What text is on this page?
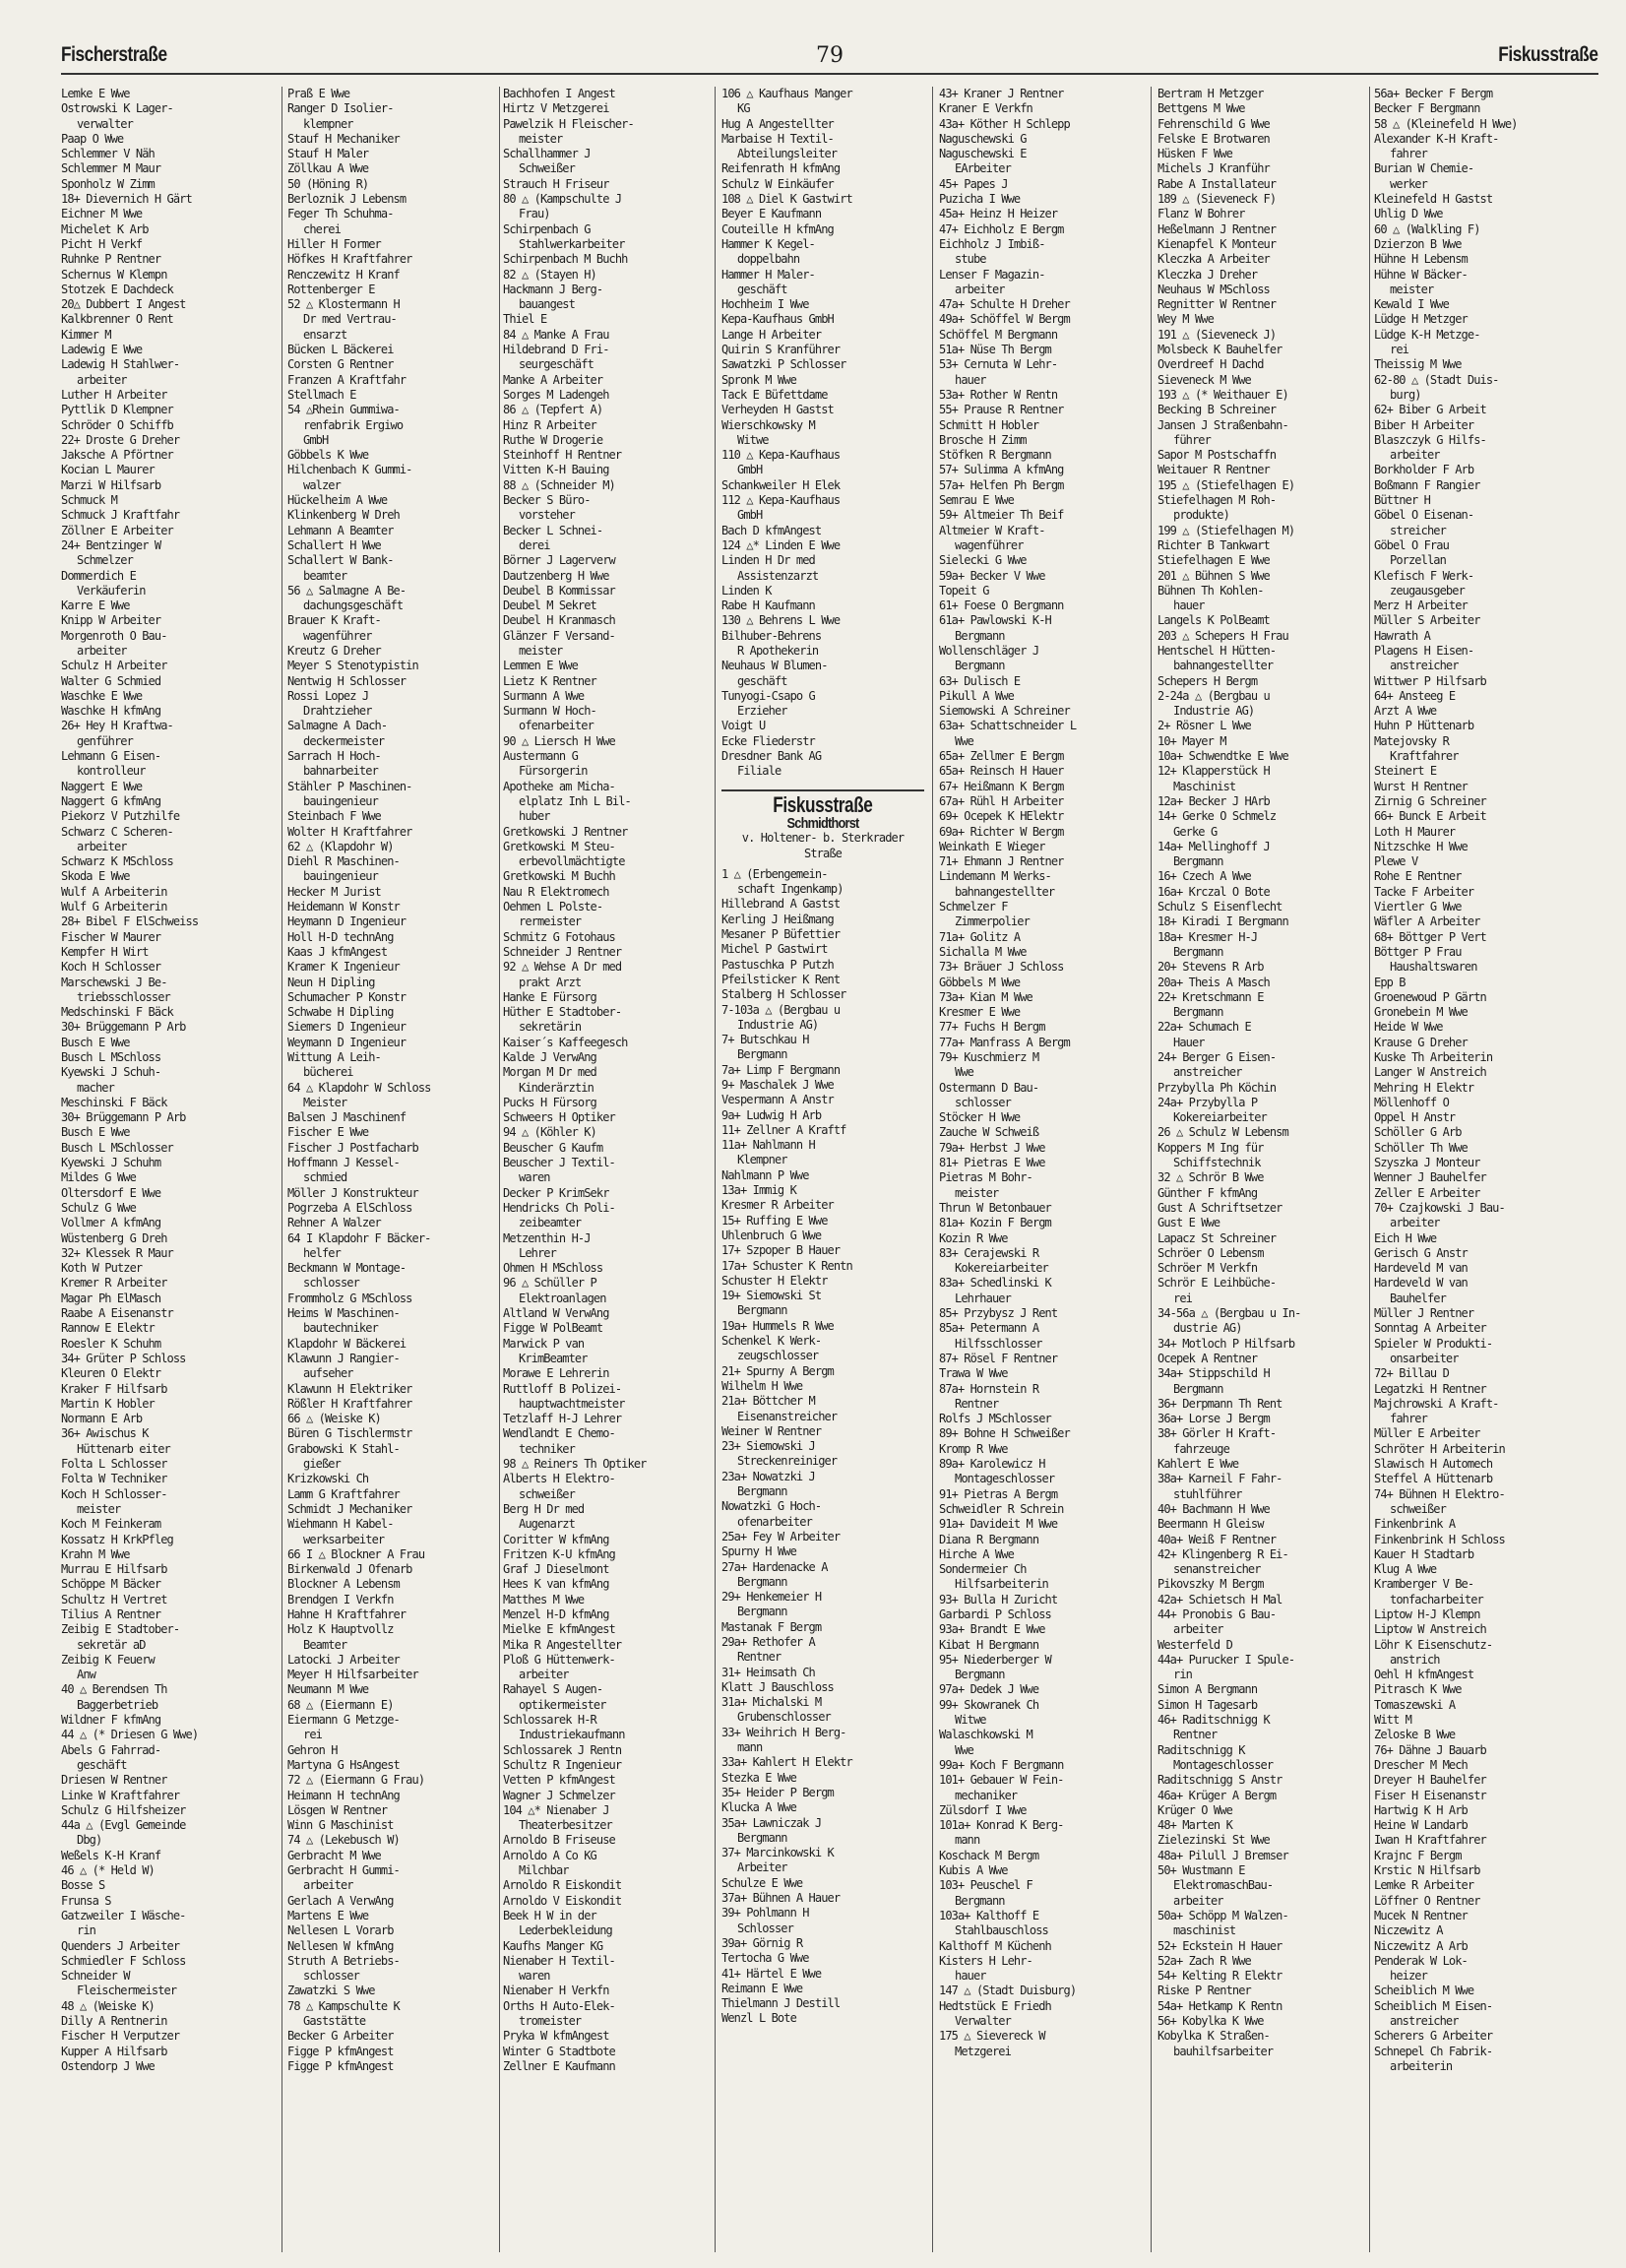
Fischerstraße	79	Fiskusstraße
Lemke E Wwe
Ostrowski K Lager-
verwalter
Paap O Wwe
Schlemmer V Näh
Schlemmer M Maur
Sponholz W Zimm
18+ Dievernich H Gärt
Eichner M Wwe
Michelet K Arb
Picht H Verkf
Ruhnke P Rentner
Schernus W Klempn
Stotzek E Dachdeck
20△ Dubbert I Angest
Kalkbrenner O Rent
Kimmer M
Ladewig E Wwe
Ladewig H Stahlwer-
arbeiter
Luther H Arbeiter
Pyttlik D Klempner
Schröder O Schiffb
22+ Droste G Dreher
Jaksche A Pförtner
Kocian L Maurer
Marzi W Hilfsarb
Schmuck M
Schmuck J Kraftfahr
Zöllner E Arbeiter
24+ Bentzinger W
Schmelzer
Dommerdich E
Verkäuferin
Karre E Wwe
Knipp W Arbeiter
Morgenroth O Bau-
arbeiter
Schulz H Arbeiter
Walter G Schmied
Waschke E Wwe
Waschke H kfmAng
26+ Hey H Kraftwa-
genführer
Lehmann G Eisen-
kontrolleur
Naggert E Wwe
Naggert G kfmAng
Piekorz V Putzhilfe
Schwarz C Scheren-
arbeiter
Schwarz K MSchloss
Skoda E Wwe
Wulf A Arbeiterin
Wulf G Arbeiterin
28+ Bibel F ElSchweiss
Fischer W Maurer
Kempfer H Wirt
Koch H Schlosser
Marschewski J Be-
triebsschlosser
Medschinski F Bäck
30+ Brüggemann P Arb
Busch E Wwe
Busch L MSchloss
Kyewski J Schuh-
macher
Meschinski F Bäck
30+ Brüggemann P Arb
Busch E Wwe
Busch L MSchlosser
Kyewski J Schuhm
Mildes G Wwe
Oltersdorf E Wwe
Schulz G Wwe
Vollmer A kfmAng
Wüstenberg G Dreh
32+ Klessek R Maur
Koth W Putzer
Kremer R Arbeiter
Magar Ph ElMasch
Raabe A Eisenanstr
Rannow E Elektr
Roesler K Schuhm
34+ Grüter P Schloss
Kleuren O Elektr
Kraker F Hilfsarb
Martin K Hobler
Normann E Arb
36+ Awischus K
Hüttenarb eiter
Folta L Schlosser
Folta W Techniker
Koch H Schlosser-
meister
Koch M Feinkeram
Kossatz H KrkPfleg
Krahn M Wwe
Murrau E Hilfsarb
Schöppe M Bäcker
Schultz H Vertret
Tilius A Rentner
Zeibig E Stadtober-
sekretär aD
Zeibig K Feuerw
Anw
40 △ Berendsen Th
Baggerbetrieb
Wildner F kfmAng
44 △ (* Driesen G Wwe)
Abels G Fahrrad-
geschäft
Driesen W Rentner
Linke W Kraftfahrer
Schulz G Hilfsheizer
44a △ (Evgl Gemeinde
Dbg)
Weßels K-H Kranf
46 △ (* Held W)
Bosse S
Frunsa S
Gatzweiler I Wäsche-
rin
Quenders J Arbeiter
Schmiedler F Schloss
Schneider W
Fleischermeister
48 △ (Weiske K)
Dilly A Rentnerin
Fischer H Verputzer
Kupper A Hilfsarb
Ostendorp J Wwe
Praß E Wwe
Ranger D Isolier-
klempner
Stauf H Mechaniker
Stauf H Maler
Zöllkau A Wwe
50 (Höning R)
Berloznik J Lebensm
Feger Th Schuhma-
cherei
Hiller H Former
Höfkes H Kraftfahrer
Renczewitz H Kranf
Rottenberger E
52 △ Klostermann H
Dr med Vertrau-
ensarzt
Bücken L Bäckerei
Corsten G Rentner
Franzen A Kraftfahr
Stellmach E
54 △Rhein Gummiwa-
renfabrik Ergiwo
GmbH
Göbbels K Wwe
Hilchenbach K Gummi-
walzer
Hückelheim A Wwe
Klinkenberg W Dreh
Lehmann A Beamter
Schallert H Wwe
Schallert W Bank-
beamter
56 △ Salmagne A Be-
dachungsgeschäft
Brauer K Kraft-
wagenführer
Kreutz G Dreher
Meyer S Stenotypistin
Nentwig H Schlosser
Rossi Lopez J
Drahtzieher
Salmagne A Dach-
deckermeister
Sarrach H Hoch-
bahnarbeiter
Stähler P Maschinen-
bauingenieur
Steinbach F Wwe
Wolter H Kraftfahrer
62 △ (Klapdohr W)
Diehl R Maschinen-
bauingenieur
Hecker M Jurist
Heidemann W Konstr
Heymann D Ingenieur
Holl H-D technAng
Kaas J kfmAngest
Kramer K Ingenieur
Neun H Dipling
Schumacher P Konstr
Schwabe H Dipling
Siemers D Ingenieur
Weymann D Ingenieur
Wittung A Leih-
bücherei
64 △ Klapdohr W Schloss
Meister
Balsen J Maschinenf
Fischer E Wwe
Fischer J Postfacharb
Hoffmann J Kessel-
schmied
Möller J Konstrukteur
Pogrzeba A ElSchloss
Rehner A Walzer
64 I Klapdohr F Bäcker-
helfer
Beckmann W Montage-
schlosser
Frommholz G MSchloss
Heims W Maschinen-
bautechniker
Klapdohr W Bäckerei
Klawunn J Rangier-
aufseher
Klawunn H Elektriker
Rößler H Kraftfahrer
66 △ (Weiske K)
Büren G Tischlermstr
Grabowski K Stahl-
gießer
Krizkowski Ch
Lamm G Kraftfahrer
Schmidt J Mechaniker
Wiehmann H Kabel-
werksarbeiter
66 I △ Blockner A Frau
Birkenwald J Ofenarb
Blockner A Lebensm
Brendgen I Verkfn
Hahne H Kraftfahrer
Holz K Hauptvollz
Beamter
Latocki J Arbeiter
Meyer H Hilfsarbeiter
Neumann M Wwe
68 △ (Eiermann E)
Eiermann G Metzge-
rei
Gehron H
Martyna G HsAngest
72 △ (Eiermann G Frau)
Heimann H technAng
Lösgen W Rentner
Winn G Maschinist
74 △ (Lekebusch W)
Gerbracht M Wwe
Gerbracht H Gummi-
arbeiter
Gerlach A VerwAng
Martens E Wwe
Nellesen L Vorarb
Nellesen W kfmAng
Struth A Betriebs-
schlosser
Zawatzki S Wwe
78 △ Kampschulte K
Gaststätte
Becker G Arbeiter
Figge P kfmAngest
Figge P kfmAngest
Bachhofen I Angest
Hirtz V Metzgerei
Pawelzik H Fleischer-
meister
Schallhammer J
Schweißer
Strauch H Friseur
80 △ (Kampschulte J
Frau)
Schirpenbach G
Stahlwerkarbeiter
Schirpenbach M Buchh
82 △ (Stayen H)
Hackmann J Berg-
bauangest
Thiel E
84 △ Manke A Frau
Hildebrand D Fri-
seurgeschäft
Manke A Arbeiter
Sorges M Ladengeh
86 △ (Tepfert A)
Hinz R Arbeiter
Ruthe W Drogerie
Steinhoff H Rentner
Vitten K-H Bauing
88 △ (Schneider M)
Becker S Büro-
vorsteher
Becker L Schnei-
derei
Börner J Lagerverw
Dautzenberg H Wwe
Deubel B Kommissar
Deubel M Sekret
Deubel H Kranmasch
Glänzer F Versand-
meister
Lemmen E Wwe
Lietz K Rentner
Surmann A Wwe
Surmann W Hoch-
ofenarbeiter
90 △ Liersch H Wwe
Austermann G
Fürsorgerin
Apotheke am Micha-
elplatz Inh L Bil-
huber
Gretkowski J Rentner
Gretkowski M Steu-
erbevollmächtigte
Gretkowski M Buchh
Nau R Elektromech
Oehmen L Polste-
rermeister
Schmitz G Fotohaus
Schneider J Rentner
92 △ Wehse A Dr med
prakt Arzt
Hanke E Fürsorg
Hüther E Stadtober-
sekretärin
Kaiser´s Kaffeegesch
Kalde J VerwAng
Morgan M Dr med
Kinderärztin
Pucks H Fürsorg
Schweers H Optiker
94 △ (Köhler K)
Beuscher G Kaufm
Beuscher J Textil-
waren
Decker P KrimSekr
Hendricks Ch Poli-
zeibeamter
Metzenthin H-J
Lehrer
Ohmen H MSchloss
96 △ Schüller P
Elektroanlagen
Altland W VerwAng
Figge W PolBeamt
Marwick P van
KrimBeamter
Morawe E Lehrerin
Ruttloff B Polizei-
hauptwachtmeister
Tetzlaff H-J Lehrer
Wendlandt E Chemo-
techniker
98 △ Reiners Th Optiker
Alberts H Elektro-
schweißer
Berg H Dr med
Augenarzt
Coritter W kfmAng
Fritzen K-U kfmAng
Graf J Dieselmont
Hees K van kfmAng
Matthes M Wwe
Menzel H-D kfmAng
Mielke E kfmAngest
Mika R Angestellter
Ploß G Hüttenwerk-
arbeiter
Rahayel S Augen-
optikermeister
Schlossarek H-R
Industriekaufmann
Schlossarek J Rentn
Schultz R Ingenieur
Vetten P kfmAngest
Wagner J Schmelzer
104 △* Nienaber J
Theaterbesitzer
Arnoldo B Friseuse
Arnoldo A Co KG
Milchbar
Arnoldo R Eiskondit
Arnoldo V Eiskondit
Beek H W in der
Lederbekleidung
Kaufhs Manger KG
Nienaber H Textil-
waren
Nienaber H Verkfn
Orths H Auto-Elek-
tromeister
Pryka W kfmAngest
Winter G Stadtbote
Zellner E Kaufmann
106 △ Kaufhaus Manger
KG
Hug A Angestellter
Marbaise H Textil-
Abteilungsleiter
Reifenrath H kfmAng
Schulz W Einkäufer
108 △ Diel K Gastwirt
Beyer E Kaufmann
Couteille H kfmAng
Hammer K Kegel-
doppelbahn
Hammer H Maler-
geschäft
Hochheim I Wwe
Kepa-Kaufhaus GmbH
Lange H Arbeiter
Quirin S Kranführer
Sawatzki P Schlosser
Spronk M Wwe
Tack E Büfettdame
Verheyden H Gastst
Wierschkowsky M
Witwe
110 △ Kepa-Kaufhaus
GmbH
Schankweiler H Elek
112 △ Kepa-Kaufhaus
GmbH
Bach D kfmAngest
124 △* Linden E Wwe
Linden H Dr med
Assistenzarzt
Linden K
Rabe H Kaufmann
130 △ Behrens L Wwe
Bilhuber-Behrens
R Apothekerin
Neuhaus W Blumen-
geschäft
Tunyogi-Csapo G
Erzieher
Voigt U
Ecke Fliederstr
Dresdner Bank AG
Filiale
Fiskusstraße
Schmidthorst
v. Holtener- b. Sterkrader
Straße
1 △ (Erbengemein-
schaft Ingenkamp)
Hillebrand A Gastst
Kerling J Heißmang
Mesaner P Büfettier
Michel P Gastwirt
Pastuschka P Putzh
Pfeilsticker K Rent
Stalberg H Schlosser
7-103a △ (Bergbau u
Industrie AG)
7+ Butschkau H
Bergmann
7a+ Limp F Bergmann
9+ Maschalek J Wwe
Vespermann A Anstr
9a+ Ludwig H Arb
11+ Zellner A Kraftf
11a+ Nahlmann H
Klempner
Nahlmann P Wwe
13a+ Immig K
Kresmer R Arbeiter
15+ Ruffing E Wwe
Uhlenbruch G Wwe
17+ Szpoper B Hauer
17a+ Schuster K Rentn
Schuster H Elektr
19+ Siemowski St
Bergmann
19a+ Hummels R Wwe
Schenkel K Werk-
zeugschlosser
21+ Spurny A Bergm
Wilhelm H Wwe
21a+ Böttcher M
Eisenanstreicher
Weiner W Rentner
23+ Siemowski J
Streckenreiniger
23a+ Nowatzki J
Bergmann
Nowatzki G Hoch-
ofenarbeiter
25a+ Fey W Arbeiter
Spurny H Wwe
27a+ Hardenacke A
Bergmann
29+ Henkemeier H
Bergmann
Mastanak F Bergm
29a+ Rethofer A
Rentner
31+ Heimsath Ch
Klatt J Bauschloss
31a+ Michalski M
Grubenschlosser
33+ Weihrich H Berg-
mann
33a+ Kahlert H Elektr
Stezka E Wwe
35+ Heider P Bergm
Klucka A Wwe
35a+ Lawniczak J
Bergmann
37+ Marcinkowski K
Arbeiter
Schulze E Wwe
37a+ Bühnen A Hauer
39+ Pohlmann H
Schlosser
39a+ Görnig R
Tertocha G Wwe
41+ Härtel E Wwe
Reimann E Wwe
Thielmann J Destill
Wenzl L Bote
43+ Kraner J Rentner
Kraner E Verkfn
43a+ Köther H Schlepp
Naguschewski G
Naguschewski E
EArbeiter
45+ Papes J
Puzicha I Wwe
45a+ Heinz H Heizer
47+ Eichholz E Bergm
Eichholz J Imbiß-
stube
Lenser F Magazin-
arbeiter
47a+ Schulte H Dreher
49a+ Schöffel W Bergm
Schöffel M Bergmann
51a+ Nüse Th Bergm
53+ Cernuta W Lehr-
hauer
53a+ Rother W Rentn
55+ Prause R Rentner
Schmitt H Hobler
Brosche H Zimm
Stöfken R Bergmann
57+ Sulimma A kfmAng
57a+ Helfen Ph Bergm
Semrau E Wwe
59+ Altmeier Th Beif
Altmeier W Kraft-
wagenführer
Sielecki G Wwe
59a+ Becker V Wwe
Topeit G
61+ Foese O Bergmann
61a+ Pawlowski K-H
Bergmann
Wollenschläger J
Bergmann
63+ Dulisch E
Pikull A Wwe
Siemowski A Schreiner
63a+ Schattschneider L
Wwe
65a+ Zellmer E Bergm
65a+ Reinsch H Hauer
67+ Heißmann K Bergm
67a+ Rühl H Arbeiter
69+ Ocepek K HElektr
69a+ Richter W Bergm
Weinkath E Wieger
71+ Ehmann J Rentner
Lindemann M Werks-
bahnangestellter
Schmelzer F
Zimmerpolier
71a+ Golitz A
Sichalla M Wwe
73+ Bräuer J Schloss
Göbbels M Wwe
73a+ Kian M Wwe
Kresmer E Wwe
77+ Fuchs H Bergm
77a+ Manfrass A Bergm
79+ Kuschmierz M
Wwe
Ostermann D Bau-
schlosser
Stöcker H Wwe
Zauche W Schweiß
79a+ Herbst J Wwe
81+ Pietras E Wwe
Pietras M Bohr-
meister
Thrun W Betonbauer
81a+ Kozin F Bergm
Kozin R Wwe
83+ Cerajewski R
Kokereiarbeiter
83a+ Schedlinski K
Lehrhauer
85+ Przybysz J Rent
85a+ Petermann A
Hilfsschlosser
87+ Rösel F Rentner
Trawa W Wwe
87a+ Hornstein R
Rentner
Rolfs J MSchlosser
89+ Bohne H Schweißer
Kromp R Wwe
89a+ Karolewicz H
Montageschlosser
91+ Pietras A Bergm
Schweidler R Schrein
91a+ Davideit M Wwe
Diana R Bergmann
Hirche A Wwe
Sondermeier Ch
Hilfsarbeiterin
93+ Bulla H Zuricht
Garbardi P Schloss
93a+ Brandt E Wwe
Kibat H Bergmann
95+ Niederberger W
Bergmann
97a+ Dedek J Wwe
99+ Skowranek Ch
Witwe
Walaschkowski M
Wwe
99a+ Koch F Bergmann
101+ Gebauer W Fein-
mechaniker
Zülsdorf I Wwe
101a+ Konrad K Berg-
mann
Koschack M Bergm
Kubis A Wwe
103+ Peuschel F
Bergmann
103a+ Kalthoff E
Stahlbauschloss
Kalthoff M Küchenh
Kisters H Lehr-
hauer
147 △ (Stadt Duisburg)
Hedtstück E Friedh
Verwalter
175 △ Sievereck W
Metzgerei
Bertram H Metzger
Bettgens M Wwe
Fehrenschild G Wwe
Felske E Brotwaren
Hüsken F Wwe
Michels J Kranführ
Rabe A Installateur
189 △ (Sieveneck F)
Flanz W Bohrer
Heßelmann J Rentner
Kienapfel K Monteur
Kleczka A Arbeiter
Kleczka J Dreher
Neuhaus W MSchloss
Regnitter W Rentner
Wey M Wwe
191 △ (Sieveneck J)
Molsbeck K Bauhelfer
Overdreef H Dachd
Sieveneck M Wwe
193 △ (* Weithauer E)
Becking B Schreiner
Jansen J Straßenbahn-
führer
Sapor M Postschaffn
Weitauer R Rentner
195 △ (Stiefelhagen E)
Stiefelhagen M Roh-
produkte)
199 △ (Stiefelhagen M)
Richter B Tankwart
Stiefelhagen E Wwe
201 △ Bühnen S Wwe
Bühnen Th Kohlen-
hauer
Langels K PolBeamt
203 △ Schepers H Frau
Hentschel H Hütten-
bahnangestellter
Schepers H Bergm
2-24a △ (Bergbau u
Industrie AG)
2+ Rösner L Wwe
10+ Mayer M
10a+ Schwendtke E Wwe
12+ Klapperstück H
Maschinist
12a+ Becker J HArb
14+ Gerke O Schmelz
Gerke G
14a+ Mellinghoff J
Bergmann
16+ Czech A Wwe
16a+ Krczal O Bote
Schulz S Eisenflecht
18+ Kiradi I Bergmann
18a+ Kresmer H-J
Bergmann
20+ Stevens R Arb
20a+ Theis A Masch
22+ Kretschmann E
Bergmann
22a+ Schumach E
Hauer
24+ Berger G Eisen-
anstreicher
Przybylla Ph Köchin
24a+ Przybylla P
Kokereiarbeiter
26 △ Schulz W Lebensm
Koppers M Ing für
Schiffstechnik
32 △ Schrör B Wwe
Günther F kfmAng
Gust A Schriftsetzer
Gust E Wwe
Lapacz St Schreiner
Schröer O Lebensm
Schröer M Verkfn
Schrör E Leihbüche-
rei
34-56a △ (Bergbau u In-
dustrie AG)
34+ Motloch P Hilfsarb
Ocepek A Rentner
34a+ Stippschild H
Bergmann
36+ Derpmann Th Rent
36a+ Lorse J Bergm
38+ Görler H Kraft-
fahrzeuge
Kahlert E Wwe
38a+ Karneil F Fahr-
stuhlführer
40+ Bachmann H Wwe
Beermann H Gleisw
40a+ Weiß F Rentner
42+ Klingenberg R Ei-
senanstreicher
Pikovszky M Bergm
42a+ Schietsch H Mal
44+ Pronobis G Bau-
arbeiter
Westerfeld D
44a+ Purucker I Spule-
rin
Simon A Bergmann
Simon H Tagesarb
46+ Raditschnigg K
Rentner
Raditschnigg K
Montageschlosser
Raditschnigg S Anstr
46a+ Krüger A Bergm
Krüger O Wwe
48+ Marten K
Zielezinski St Wwe
48a+ Pilull J Bremser
50+ Wustmann E
ElektromaschBau-
arbeiter
50a+ Schöpp M Walzen-
maschinist
52+ Eckstein H Hauer
52a+ Zach R Wwe
54+ Kelting R Elektr
Riske P Rentner
54a+ Hetkamp K Rentn
56+ Kobylka K Wwe
Kobylka K Straßen-
bauhilfsarbeiter
56a+ Becker F Bergm
Becker F Bergmann
58 △ (Kleinefeld H Wwe)
Alexander K-H Kraft-
fahrer
Burian W Chemie-
werker
Kleinefeld H Gastst
Uhlig D Wwe
60 △ (Walkling F)
Dzierzon B Wwe
Hühne H Lebensm
Hühne W Bäcker-
meister
Kewald I Wwe
Lüdge H Metzger
Lüdge K-H Metzge-
rei
Theissig M Wwe
62-80 △ (Stadt Duis-
burg)
62+ Biber G Arbeit
Biber H Arbeiter
Blaszczyk G Hilfs-
arbeiter
Borkholder F Arb
Boßmann F Rangier
Büttner H
Göbel O Eisenan-
streicher
Göbel O Frau
Porzellan
Klefisch F Werk-
zeugausgeber
Merz H Arbeiter
Müller S Arbeiter
Hawrath A
Plagens H Eisen-
anstreicher
Wittwer P Hilfsarb
64+ Ansteeg E
Arzt A Wwe
Huhn P Hüttenarb
Matejovsky R
Kraftfahrer
Steinert E
Wurst H Rentner
Zirnig G Schreiner
66+ Bunck E Arbeit
Loth H Maurer
Nitzschke H Wwe
Plewe V
Rohe E Rentner
Tacke F Arbeiter
Viertler G Wwe
Wäfler A Arbeiter
68+ Böttger P Vert
Böttger P Frau
Haushaltswaren
Epp B
Groenewoud P Gärtn
Gronebein M Wwe
Heide W Wwe
Krause G Dreher
Kuske Th Arbeiterin
Langer W Anstreich
Mehring H Elektr
Möllenhoff O
Oppel H Anstr
Schöller G Arb
Schöller Th Wwe
Szyszka J Monteur
Wenner J Bauhelfer
Zeller E Arbeiter
70+ Czajkowski J Bau-
arbeiter
Eich H Wwe
Gerisch G Anstr
Hardeveld M van
Hardeveld W van
Bauhelfer
Müller J Rentner
Sonntag A Arbeiter
Spieler W Produkti-
onsarbeiter
72+ Billau D
Legatzki H Rentner
Majchrowski A Kraft-
fahrer
Müller E Arbeiter
Schröter H Arbeiterin
Slawisch H Automech
Steffel A Hüttenarb
74+ Bühnen H Elektro-
schweißer
Finkenbrink A
Finkenbrink H Schloss
Kauer H Stadtarb
Klug A Wwe
Kramberger V Be-
tonfacharbeiter
Liptow H-J Klempn
Liptow W Anstreich
Löhr K Eisenschutz-
anstrich
Oehl H kfmAngest
Pitrasch K Wwe
Tomaszewski A
Witt M
Zeloske B Wwe
76+ Dähne J Bauarb
Drescher M Mech
Dreyer H Bauhelfer
Fiser H Eisenanstr
Hartwig K H Arb
Heine W Landarb
Iwan H Kraftfahrer
Krajnc F Bergm
Krstic N Hilfsarb
Lemke R Arbeiter
Löffner O Rentner
Mucek N Rentner
Niczewitz A
Niczewitz A Arb
Penderak W Lok-
heizer
Scheiblich M Wwe
Scheiblich M Eisen-
anstreicher
Scherers G Arbeiter
Schnepel Ch Fabrik-
arbeiterin
